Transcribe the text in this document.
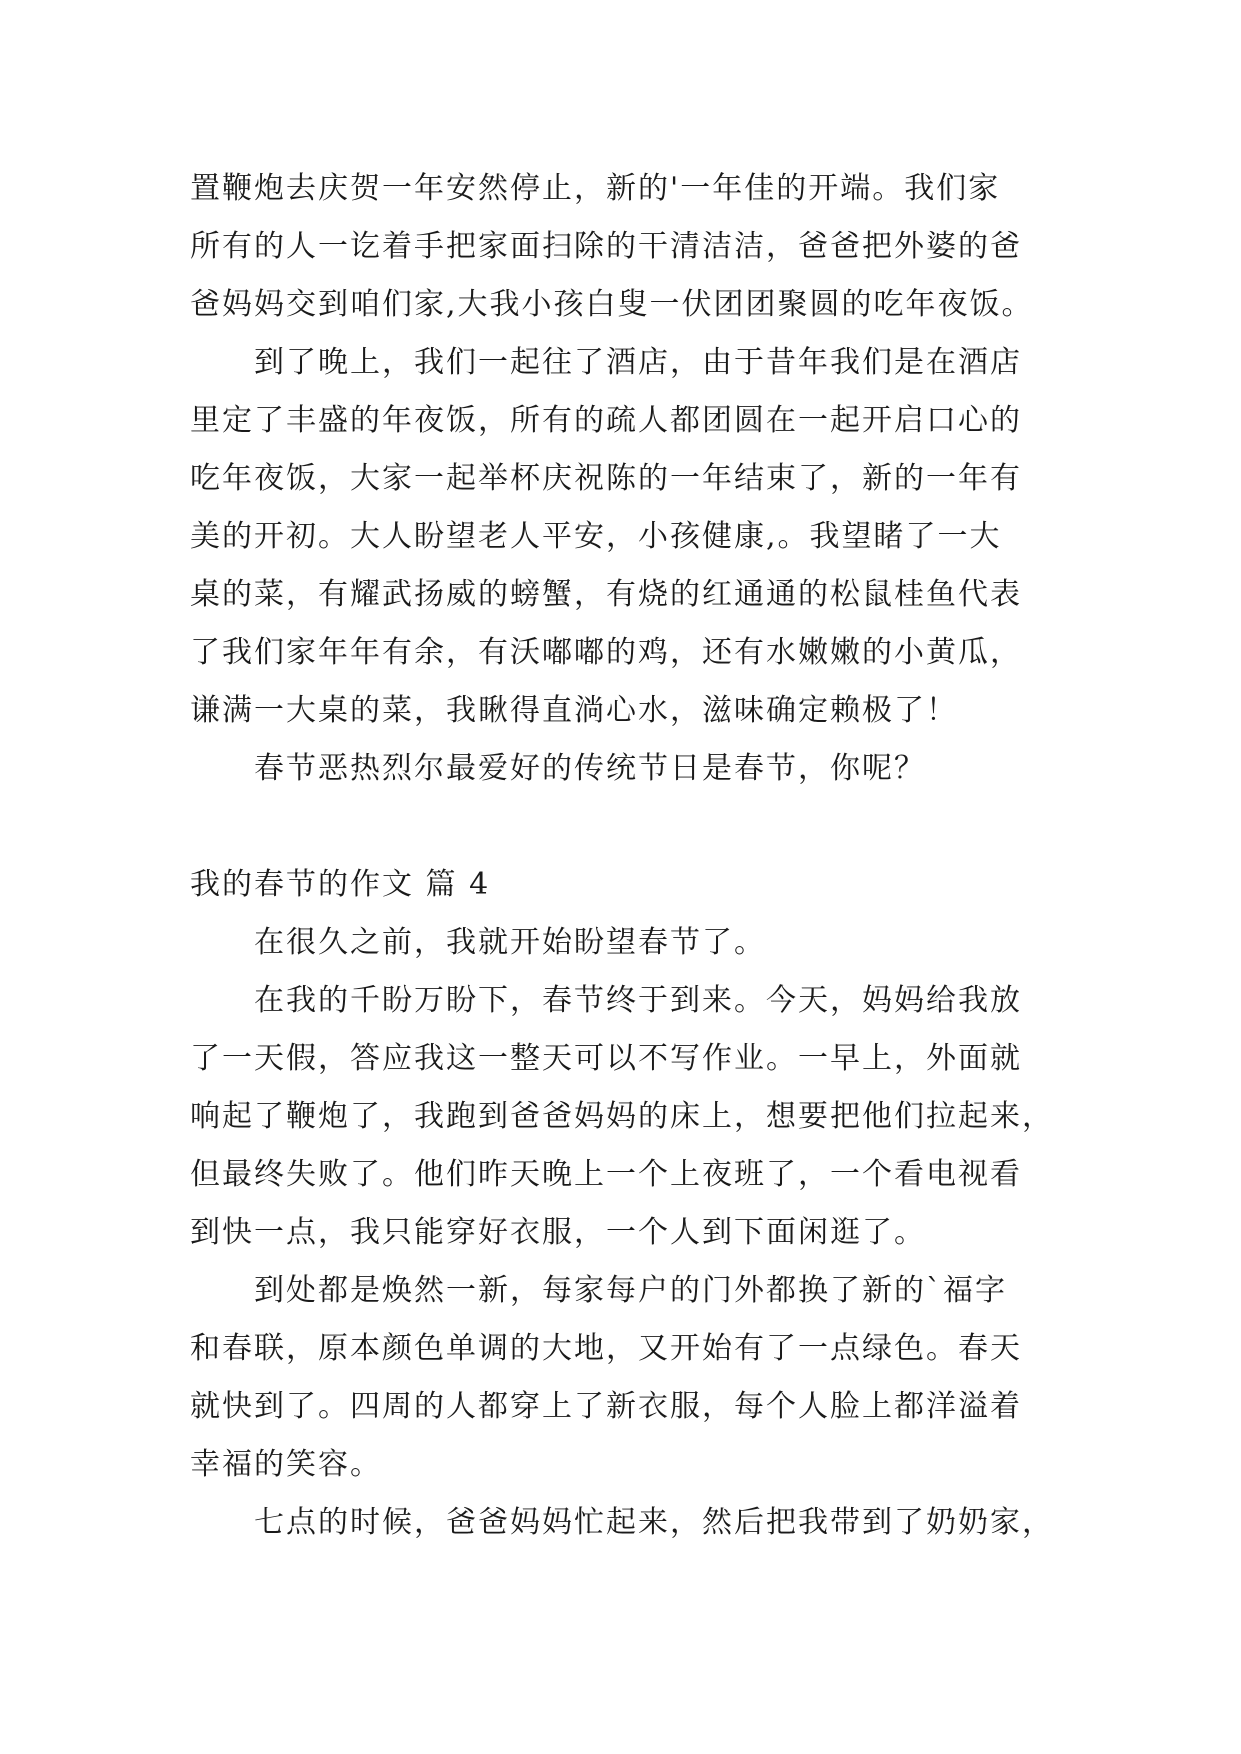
置鞭炮去庆贺一年安然停止，新的'一年佳的开端。我们家
所有的人一讫着手把家面扫除的干清洁洁，爸爸把外婆的爸
爸妈妈交到咱们家,大我小孩白叟一伏团团聚圆的吃年夜饭。
到了晚上，我们一起往了酒店，由于昔年我们是在酒店
里定了丰盛的年夜饭，所有的疏人都团圆在一起开启口心的
吃年夜饭，大家一起举杯庆祝陈的一年结束了，新的一年有
美的开初。大人盼望老人平安，小孩健康,。我望睹了一大
桌的菜，有耀武扬威的螃蟹，有烧的红通通的松鼠桂鱼代表
了我们家年年有余，有沃嘟嘟的鸡，还有水嫩嫩的小黄瓜，
谦满一大桌的菜，我瞅得直淌心水，滋味确定赖极了！
春节恶热烈尔最爱好的传统节日是春节，你呢？
我的春节的作文 篇 4
在很久之前，我就开始盼望春节了。
在我的千盼万盼下，春节终于到来。今天，妈妈给我放
了一天假，答应我这一整天可以不写作业。一早上，外面就
响起了鞭炮了，我跑到爸爸妈妈的床上，想要把他们拉起来，
但最终失败了。他们昨天晚上一个上夜班了，一个看电视看
到快一点，我只能穿好衣服，一个人到下面闲逛了。
到处都是焕然一新，每家每户的门外都换了新的`福字
和春联，原本颜色单调的大地，又开始有了一点绿色。春天
就快到了。四周的人都穿上了新衣服，每个人脸上都洋溢着
幸福的笑容。
七点的时候，爸爸妈妈忙起来，然后把我带到了奶奶家，
